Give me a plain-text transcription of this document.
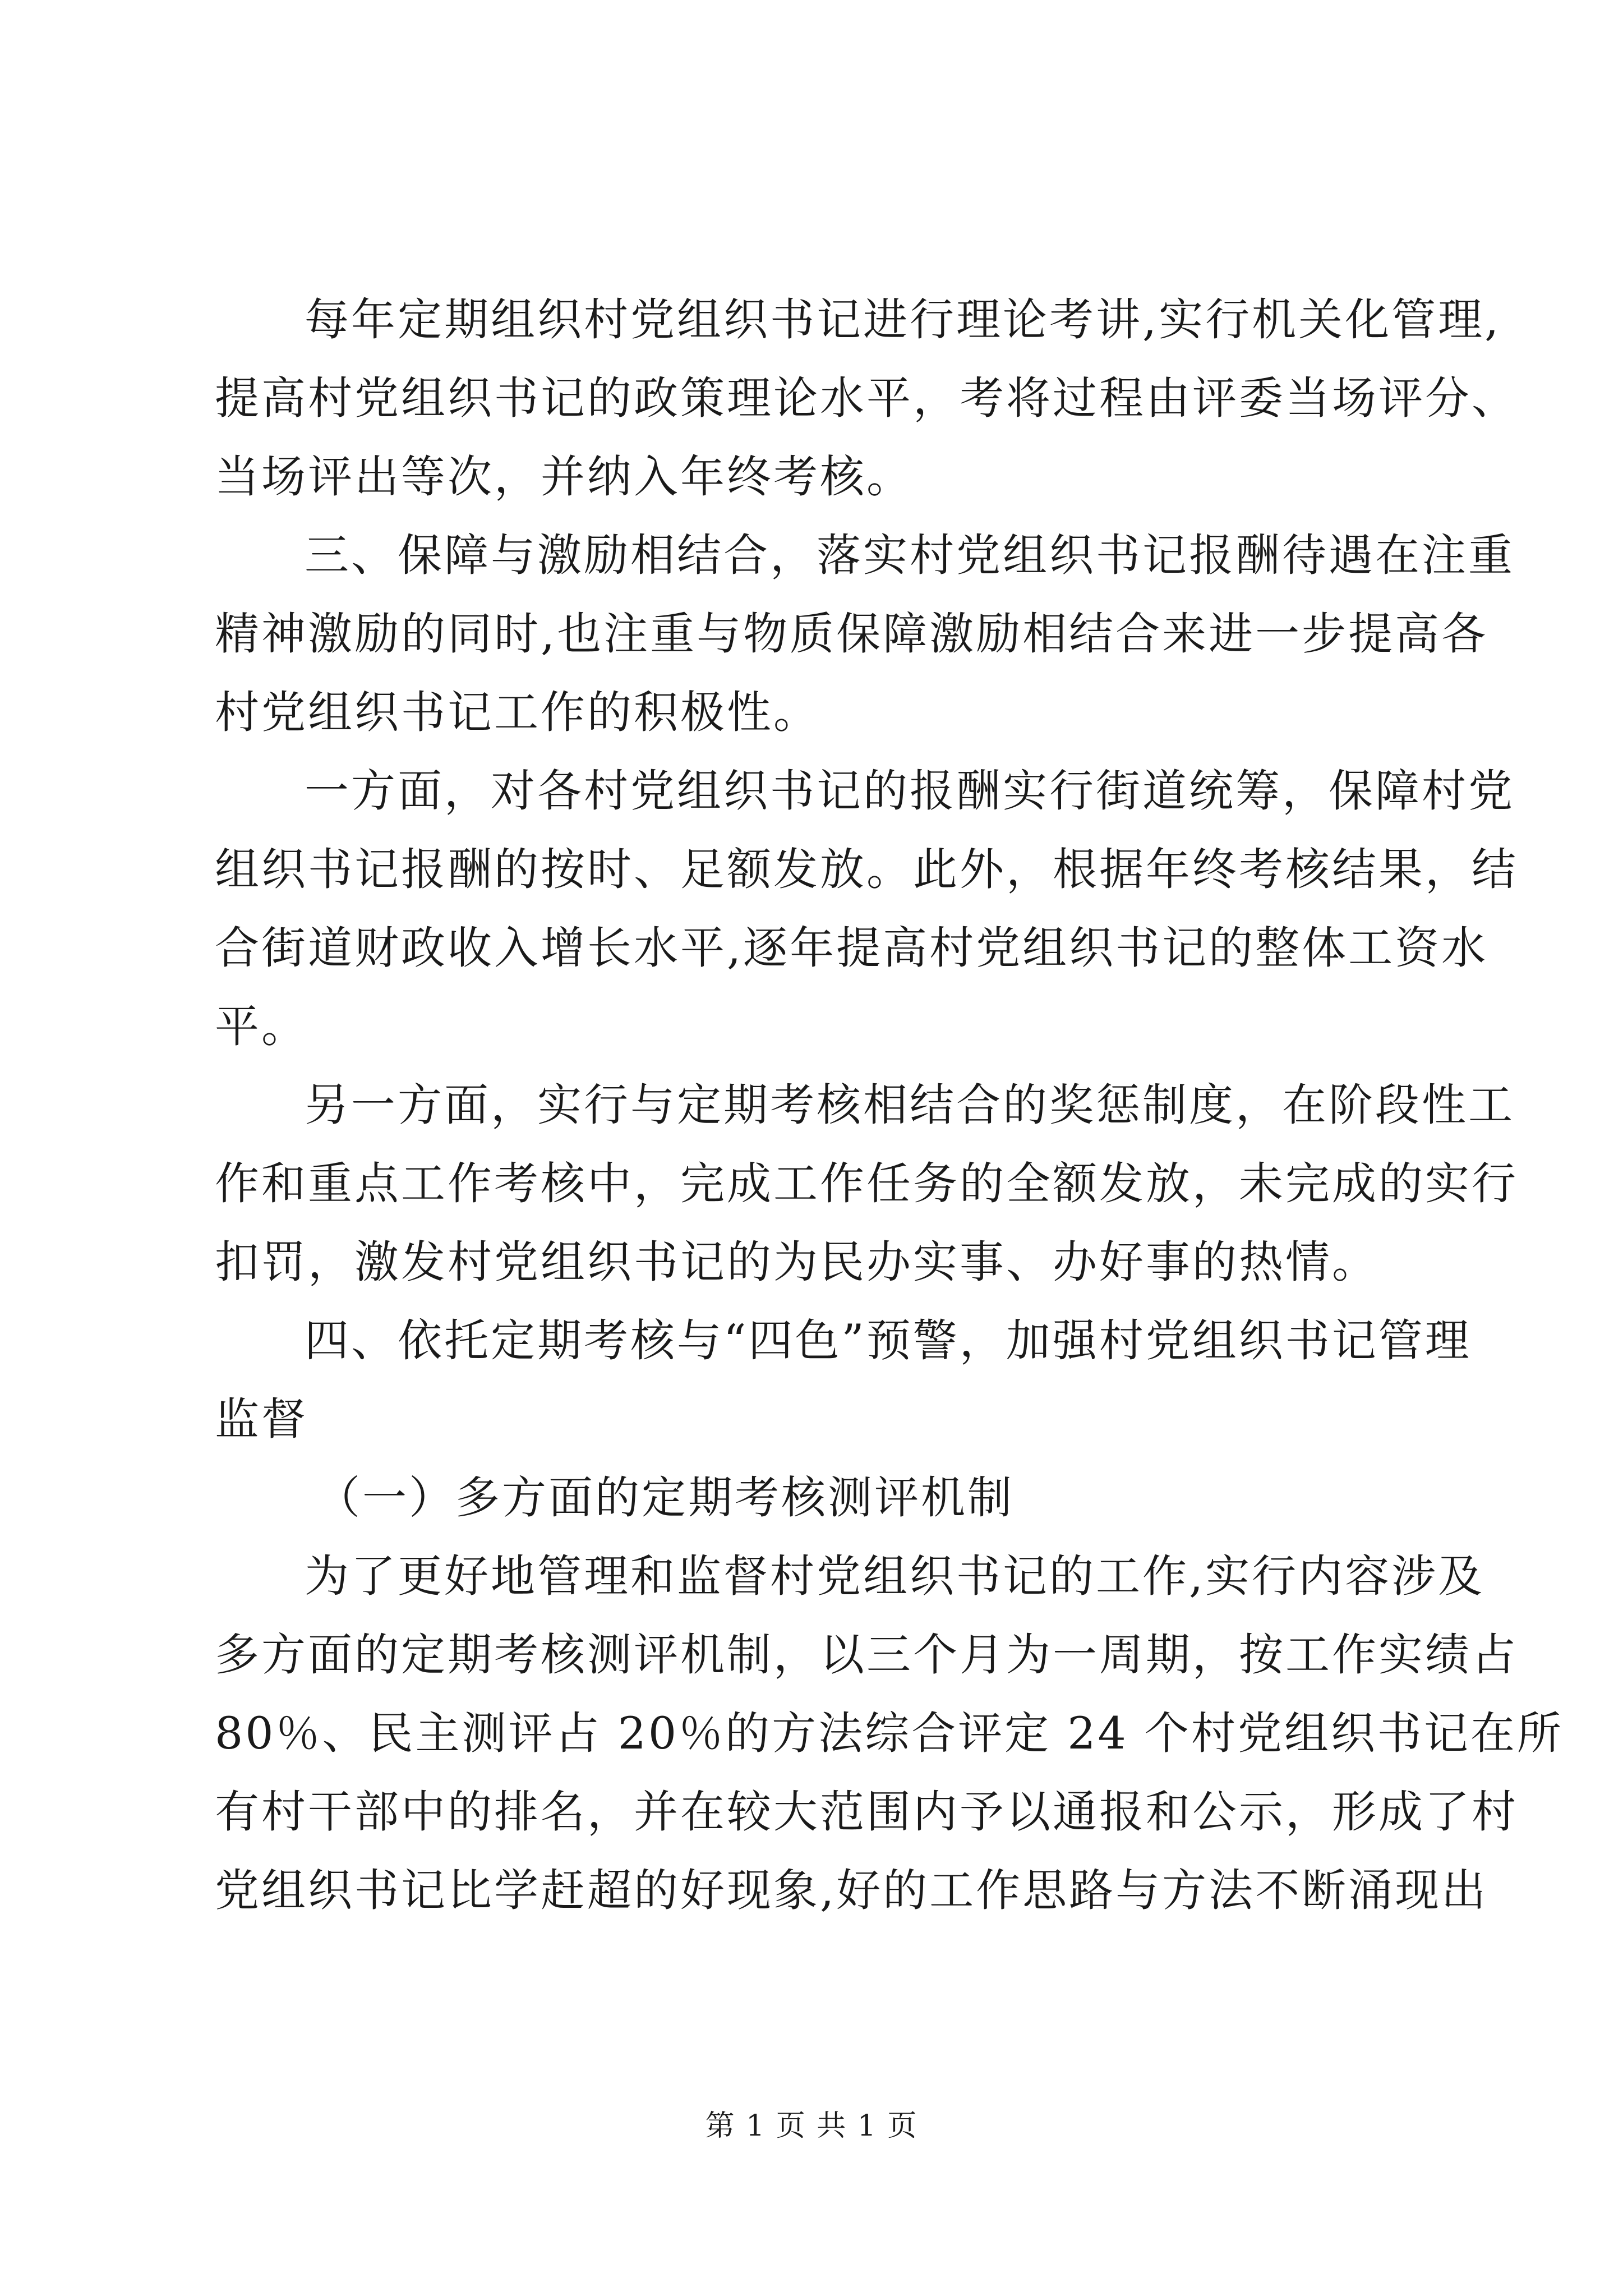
每年定期组织村党组织书记进行理论考讲,实行机关化管理,
提高村党组织书记的政策理论水平，考将过程由评委当场评分、
当场评出等次，并纳入年终考核。
三、保障与激励相结合，落实村党组织书记报酬待遇在注重
精神激励的同时,也注重与物质保障激励相结合来进一步提高各
村党组织书记工作的积极性。
一方面，对各村党组织书记的报酬实行街道统筹，保障村党
组织书记报酬的按时、足额发放。此外，根据年终考核结果，结
合街道财政收入增长水平,逐年提高村党组织书记的整体工资水
平。
另一方面，实行与定期考核相结合的奖惩制度，在阶段性工
作和重点工作考核中，完成工作任务的全额发放，未完成的实行
扣罚，激发村党组织书记的为民办实事、办好事的热情。
四、依托定期考核与“四色”预警，加强村党组织书记管理
监督
（一）多方面的定期考核测评机制
为了更好地管理和监督村党组织书记的工作,实行内容涉及
多方面的定期考核测评机制，以三个月为一周期，按工作实绩占
80％、民主测评占 20％的方法综合评定 24 个村党组织书记在所
有村干部中的排名，并在较大范围内予以通报和公示，形成了村
党组织书记比学赶超的好现象,好的工作思路与方法不断涌现出
第 1 页 共 1 页
